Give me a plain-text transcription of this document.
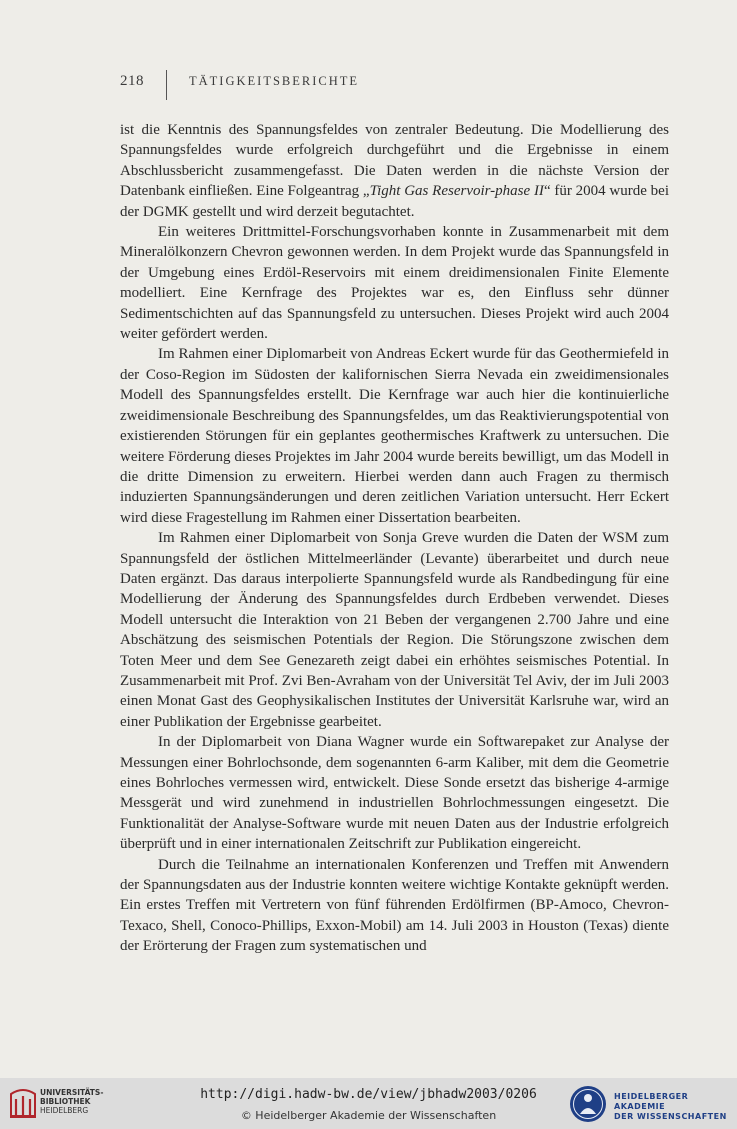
218	TÄTIGKEITSBERICHTE

ist die Kenntnis des Spannungsfeldes von zentraler Bedeutung. Die Modellierung des Spannungsfeldes wurde erfolgreich durchgeführt und die Ergebnisse in einem Abschlussbericht zusammengefasst. Die Daten werden in die nächste Version der Datenbank einfließen. Eine Folgeantrag „Tight Gas Reservoir-phase II“ für 2004 wurde bei der DGMK gestellt und wird derzeit begutachtet.

Ein weiteres Drittmittel-Forschungsvorhaben konnte in Zusammenarbeit mit dem Mineralölkonzern Chevron gewonnen werden. In dem Projekt wurde das Spannungsfeld in der Umgebung eines Erdöl-Reservoirs mit einem dreidimensionalen Finite Elemente modelliert. Eine Kernfrage des Projektes war es, den Einfluss sehr dünner Sedimentschichten auf das Spannungsfeld zu untersuchen. Dieses Projekt wird auch 2004 weiter gefördert werden.

Im Rahmen einer Diplomarbeit von Andreas Eckert wurde für das Geothermiefeld in der Coso-Region im Südosten der kalifornischen Sierra Nevada ein zweidimensionales Modell des Spannungsfeldes erstellt. Die Kernfrage war auch hier die kontinuierliche zweidimensionale Beschreibung des Spannungsfeldes, um das Reaktivierungspotential von existierenden Störungen für ein geplantes geothermisches Kraftwerk zu untersuchen. Die weitere Förderung dieses Projektes im Jahr 2004 wurde bereits bewilligt, um das Modell in die dritte Dimension zu erweitern. Hierbei werden dann auch Fragen zu thermisch induzierten Spannungsänderungen und deren zeitlichen Variation untersucht. Herr Eckert wird diese Fragestellung im Rahmen einer Dissertation bearbeiten.

Im Rahmen einer Diplomarbeit von Sonja Greve wurden die Daten der WSM zum Spannungsfeld der östlichen Mittelmeerländer (Levante) überarbeitet und durch neue Daten ergänzt. Das daraus interpolierte Spannungsfeld wurde als Randbedingung für eine Modellierung der Änderung des Spannungsfeldes durch Erdbeben verwendet. Dieses Modell untersucht die Interaktion von 21 Beben der vergangenen 2.700 Jahre und eine Abschätzung des seismischen Potentials der Region. Die Störungszone zwischen dem Toten Meer und dem See Genezareth zeigt dabei ein erhöhtes seismisches Potential. In Zusammenarbeit mit Prof. Zvi Ben-Avraham von der Universität Tel Aviv, der im Juli 2003 einen Monat Gast des Geophysikalischen Institutes der Universität Karlsruhe war, wird an einer Publikation der Ergebnisse gearbeitet.

In der Diplomarbeit von Diana Wagner wurde ein Softwarepaket zur Analyse der Messungen einer Bohrlochsonde, dem sogenannten 6-arm Kaliber, mit dem die Geometrie eines Bohrloches vermessen wird, entwickelt. Diese Sonde ersetzt das bisherige 4-armige Messgerät und wird zunehmend in industriellen Bohrlochmessungen eingesetzt. Die Funktionalität der Analyse-Software wurde mit neuen Daten aus der Industrie erfolgreich überprüft und in einer internationalen Zeitschrift zur Publikation eingereicht.

Durch die Teilnahme an internationalen Konferenzen und Treffen mit Anwendern der Spannungsdaten aus der Industrie konnten weitere wichtige Kontakte geknüpft werden. Ein erstes Treffen mit Vertretern von fünf führenden Erdölfirmen (BP-Amoco, Chevron-Texaco, Shell, Conoco-Phillips, Exxon-Mobil) am 14. Juli 2003 in Houston (Texas) diente der Erörterung der Fragen zum systematischen und

UNIVERSITÄTS-
BIBLIOTHEK
HEIDELBERG
http://digi.hadw-bw.de/view/jbhadw2003/0206
© Heidelberger Akademie der Wissenschaften
HEIDELBERGER AKADEMIE
DER WISSENSCHAFTEN
